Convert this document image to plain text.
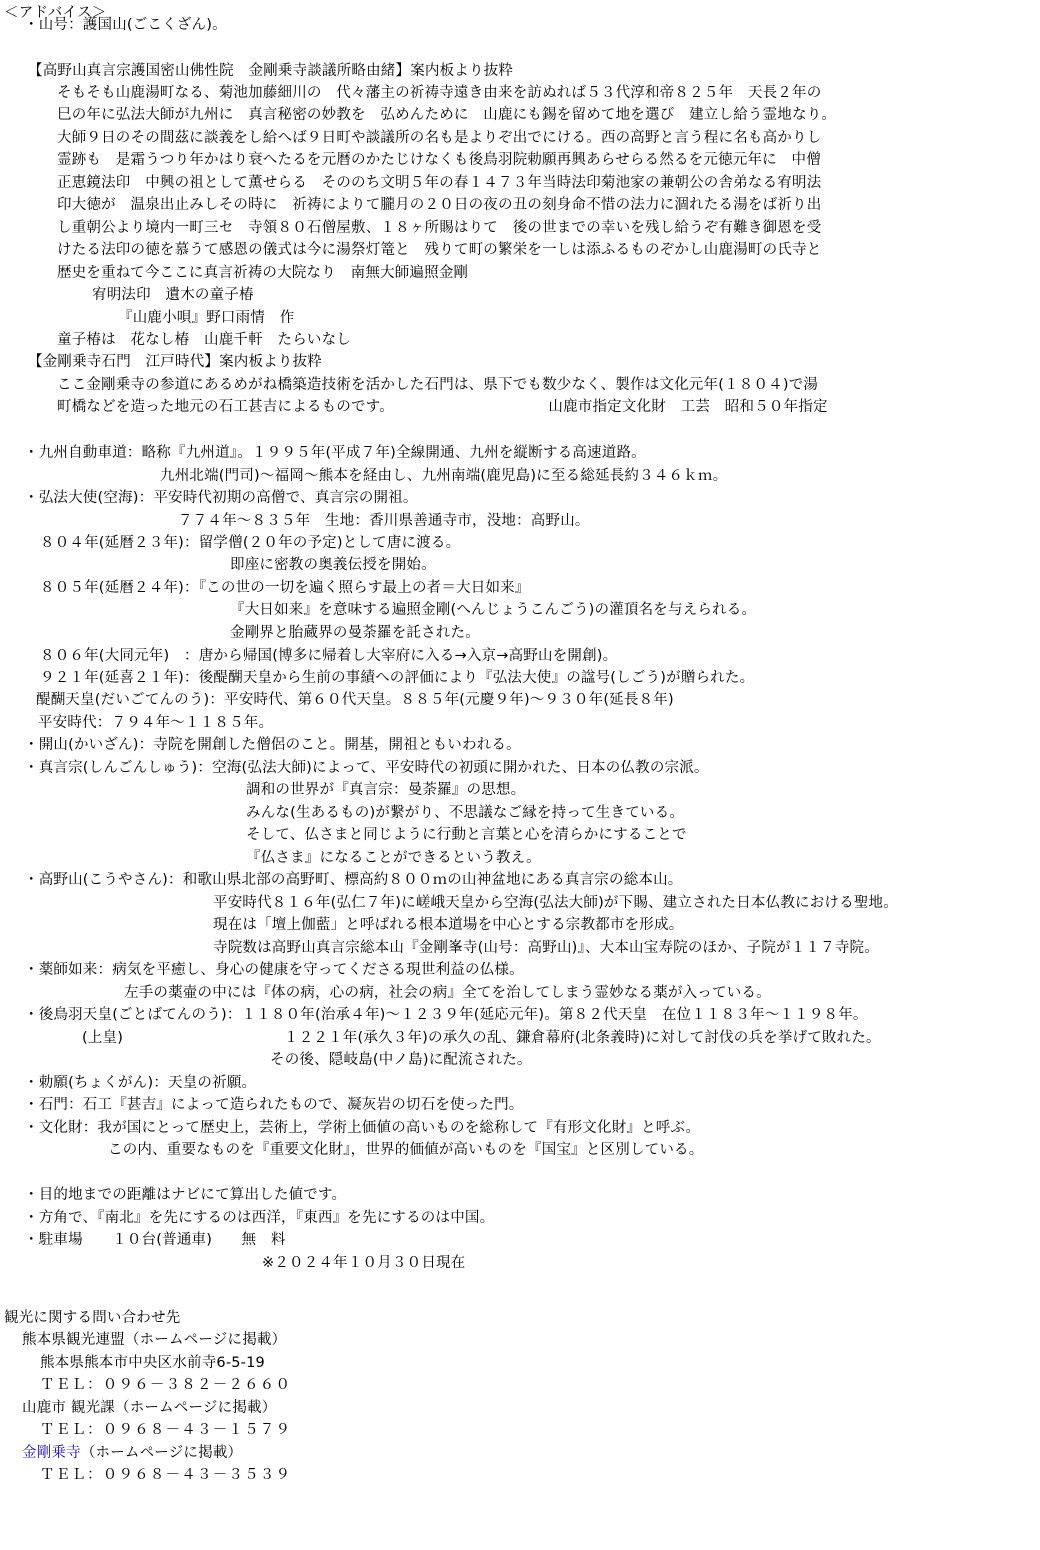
＜アドバイス＞
・山号：護国山(ごこくざん)。
【高野山真言宗護国密山佛性院　金剛乗寺談議所略由緒】案内板より抜粋
そもそも山鹿湯町なる、菊池加藤細川の　代々藩主の祈祷寺遠き由来を訪ぬれば５３代淳和帝８２５年　天長２年の
巳の年に弘法大師が九州に　真言秘密の妙教を　弘めんために　山鹿にも錫を留めて地を選び　建立し給う霊地なり。
大師９日のその間茲に談義をし給へば９日町や談議所の名も是よりぞ出でにける。西の高野と言う程に名も高かりし
霊跡も　是霜うつり年かはり衰へたるを元暦のかたじけなくも後鳥羽院勅願再興あらせらる然るを元徳元年に　中僧
正恵鏡法印　中興の祖として薫せらる　そののち文明５年の春１４７３年当時法印菊池家の兼朝公の舎弟なる宥明法
印大徳が　温泉出止みしその時に　祈祷によりて朧月の２０日の夜の丑の刻身命不惜の法力に涸れたる湯をば祈り出
し重朝公より境内一町三セ　寺領８０石僧屋敷、１８ヶ所賜はりて　後の世までの幸いを残し給うぞ有難き御恩を受
けたる法印の徳を慕うて感恩の儀式は今に湯祭灯篭と　残りて町の繁栄を一しは添ふるものぞかし山鹿湯町の氏寺と
歴史を重ねて今ここに真言祈祷の大院なり　南無大師遍照金剛
宥明法印　遺木の童子椿
『山鹿小唄』野口雨情　作
童子椿は　花なし椿　山鹿千軒　たらいなし
【金剛乗寺石門　江戸時代】案内板より抜粋
ここ金剛乗寺の参道にあるめがね橋築造技術を活かした石門は、県下でも数少なく、製作は文化元年(１８０４)で湯
町橋などを造った地元の石工甚吉によるものです。　　　　　　　　　　　山鹿市指定文化財　工芸　昭和５０年指定
・九州自動車道：略称『九州道』。１９９５年(平成７年)全線開通、九州を縦断する高速道路。
九州北端(門司)～福岡～熊本を経由し、九州南端(鹿児島)に至る総延長約３４６ｋｍ。
・弘法大使(空海)：平安時代初期の高僧で、真言宗の開祖。
７７４年～８３５年　生地：香川県善通寺市，没地：高野山。
８０４年(延暦２３年)：留学僧(２０年の予定)として唐に渡る。
即座に密教の奥義伝授を開始。
８０５年(延暦２４年)：『この世の一切を遍く照らす最上の者＝大日如来』
『大日如来』を意味する遍照金剛(へんじょうこんごう)の灌頂名を与えられる。
金剛界と胎蔵界の曼荼羅を託された。
８０６年(大同元年)　：唐から帰国(博多に帰着し大宰府に入る→入京→高野山を開創)。
９２１年(延喜２１年)：後醍醐天皇から生前の事績への評価により『弘法大使』の諡号(しごう)が贈られた。
醍醐天皇(だいごてんのう)：平安時代、第６０代天皇。８８５年(元慶９年)～９３０年(延長８年)
平安時代：７９４年～１１８５年。
・開山(かいざん)：寺院を開創した僧侶のこと。開基，開祖ともいわれる。
・真言宗(しんごんしゅう)：空海(弘法大師)によって、平安時代の初頭に開かれた、日本の仏教の宗派。
調和の世界が『真言宗：曼荼羅』の思想。
みんな(生あるもの)が繋がり、不思議なご縁を持って生きている。
そして、仏さまと同じように行動と言葉と心を清らかにすることで
『仏さま』になることができるという教え。
・高野山(こうやさん)：和歌山県北部の高野町、標高約８００ｍの山神盆地にある真言宗の総本山。
平安時代８１６年(弘仁７年)に嵯峨天皇から空海(弘法大師)が下賜、建立された日本仏教における聖地。
現在は「壇上伽藍」と呼ばれる根本道場を中心とする宗教都市を形成。
寺院数は高野山真言宗総本山『金剛峯寺(山号：高野山)』、大本山宝寿院のほか、子院が１１７寺院。
・薬師如来：病気を平癒し、身心の健康を守ってくださる現世利益の仏様。
左手の薬壷の中には『体の病，心の病，社会の病』全てを治してしまう霊妙なる薬が入っている。
・後鳥羽天皇(ごとばてんのう)：１１８０年(治承４年)～１２３９年(延応元年)。第８２代天皇　在位１１８３年～１１９８年。
(上皇)	１２２１年(承久３年)の承久の乱、鎌倉幕府(北条義時)に対して討伐の兵を挙げて敗れた。
その後、隠岐島(中ノ島)に配流された。
・勅願(ちょくがん)：天皇の祈願。
・石門：石工『甚吉』によって造られたもので、凝灰岩の切石を使った門。
・文化財：我が国にとって歴史上，芸術上，学術上価値の高いものを総称して『有形文化財』と呼ぶ。
この内、重要なものを『重要文化財』，世界的価値が高いものを『国宝』と区別している。
・目的地までの距離はナビにて算出した値です。
・方角で、『南北』を先にするのは西洋，『東西』を先にするのは中国。
・駐車場　　１０台(普通車)　　無　料
※２０２４年１０月３０日現在
観光に関する問い合わせ先
熊本県観光連盟（ホームページに掲載）
熊本県熊本市中央区水前寺6-5-19
ＴＥＬ：０９６－３８２－２６６０
山鹿市 観光課（ホームページに掲載）
ＴＥＬ：０９６８－４３－１５７９
金剛乗寺（ホームページに掲載）
ＴＥＬ：０９６８－４３－３５３９
